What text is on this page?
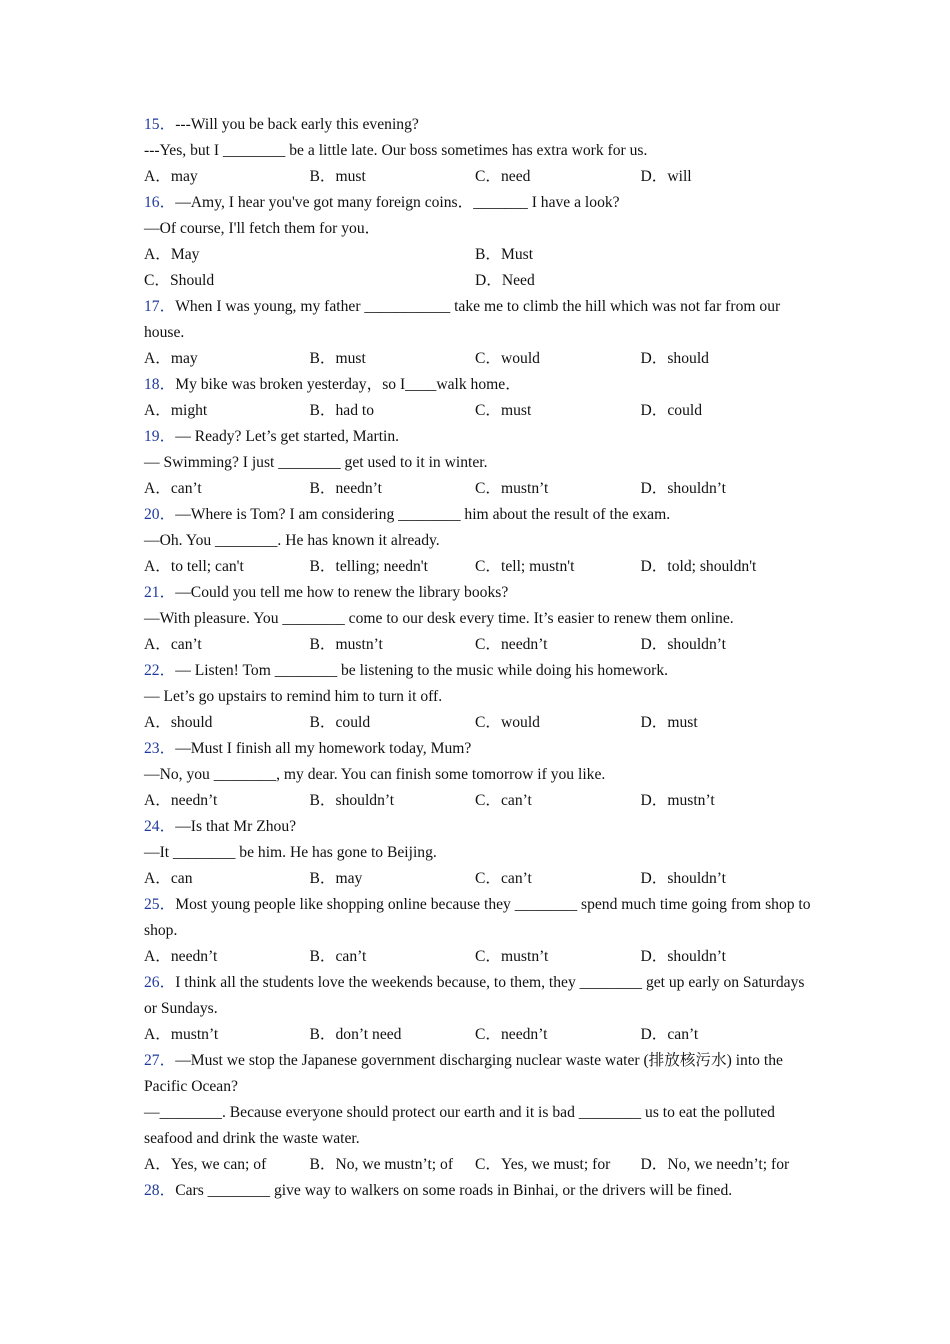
15．---Will you be back early this evening?
---Yes, but I ________ be a little late. Our boss sometimes has extra work for us.
A．may	B．must	C．need	D．will
16．—Amy, I hear you've got many foreign coins．_______ I have a look?
—Of course, I'll fetch them for you．
A．May	B．Must
C．Should	D．Need
17．When I was young, my father ___________ take me to climb the hill which was not far from our house.
A．may	B．must	C．would	D．should
18．My bike was broken yesterday，so I____walk home．
A．might	B．had to	C．must	D．could
19．— Ready? Let’s get started, Martin.
— Swimming? I just ________ get used to it in winter.
A．can’t	B．needn’t	C．mustn’t	D．shouldn’t
20．—Where is Tom? I am considering ________ him about the result of the exam.
—Oh. You ________. He has known it already.
A．to tell; can't	B．telling; needn't	C．tell; mustn't	D．told; shouldn't
21．—Could you tell me how to renew the library books?
—With pleasure. You ________ come to our desk every time. It’s easier to renew them online.
A．can’t	B．mustn’t	C．needn’t	D．shouldn’t
22．— Listen! Tom ________ be listening to the music while doing his homework.
— Let’s go upstairs to remind him to turn it off.
A．should	B．could	C．would	D．must
23．—Must I finish all my homework today, Mum?
—No, you ________, my dear. You can finish some tomorrow if you like.
A．needn’t	B．shouldn’t	C．can’t	D．mustn’t
24．—Is that Mr Zhou?
—It ________ be him. He has gone to Beijing.
A．can	B．may	C．can’t	D．shouldn’t
25．Most young people like shopping online because they ________ spend much time going from shop to shop.
A．needn’t	B．can’t	C．mustn’t	D．shouldn’t
26．I think all the students love the weekends because, to them, they ________ get up early on Saturdays or Sundays.
A．mustn’t	B．don’t need	C．needn’t	D．can’t
27．—Must we stop the Japanese government discharging nuclear waste water (排放核污水) into the Pacific Ocean?
—________. Because everyone should protect our earth and it is bad ________ us to eat the polluted seafood and drink the waste water.
A．Yes, we can; of	B．No, we mustn’t; of	C．Yes, we must; for	D．No, we needn’t; for
28．Cars ________ give way to walkers on some roads in Binhai, or the drivers will be fined.
